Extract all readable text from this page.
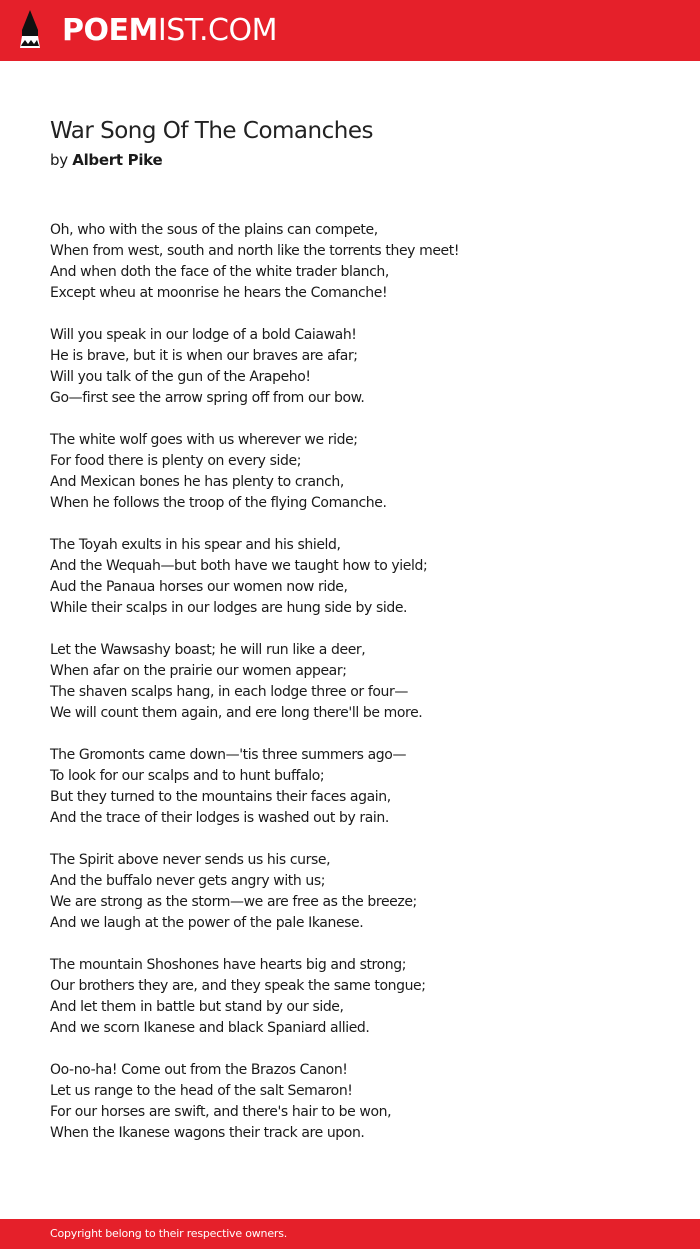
POEMIST.COM
War Song Of The Comanches
by Albert Pike
Oh, who with the sous of the plains can compete,
When from west, south and north like the torrents they meet!
And when doth the face of the white trader blanch,
Except wheu at moonrise he hears the Comanche!
Will you speak in our lodge of a bold Caiawah!
He is brave, but it is when our braves are afar;
Will you talk of the gun of the Arapeho!
Go—first see the arrow spring off from our bow.
The white wolf goes with us wherever we ride;
For food there is plenty on every side;
And Mexican bones he has plenty to cranch,
When he follows the troop of the flying Comanche.
The Toyah exults in his spear and his shield,
And the Wequah—but both have we taught how to yield;
Aud the Panaua horses our women now ride,
While their scalps in our lodges are hung side by side.
Let the Wawsashy boast; he will run like a deer,
When afar on the prairie our women appear;
The shaven scalps hang, in each lodge three or four—
We will count them again, and ere long there'll be more.
The Gromonts came down—'tis three summers ago—
To look for our scalps and to hunt buffalo;
But they turned to the mountains their faces again,
And the trace of their lodges is washed out by rain.
The Spirit above never sends us his curse,
And the buffalo never gets angry with us;
We are strong as the storm—we are free as the breeze;
And we laugh at the power of the pale Ikanese.
The mountain Shoshones have hearts big and strong;
Our brothers they are, and they speak the same tongue;
And let them in battle but stand by our side,
And we scorn Ikanese and black Spaniard allied.
Oo-no-ha! Come out from the Brazos Canon!
Let us range to the head of the salt Semaron!
For our horses are swift, and there's hair to be won,
When the Ikanese wagons their track are upon.
Copyright belong to their respective owners.
